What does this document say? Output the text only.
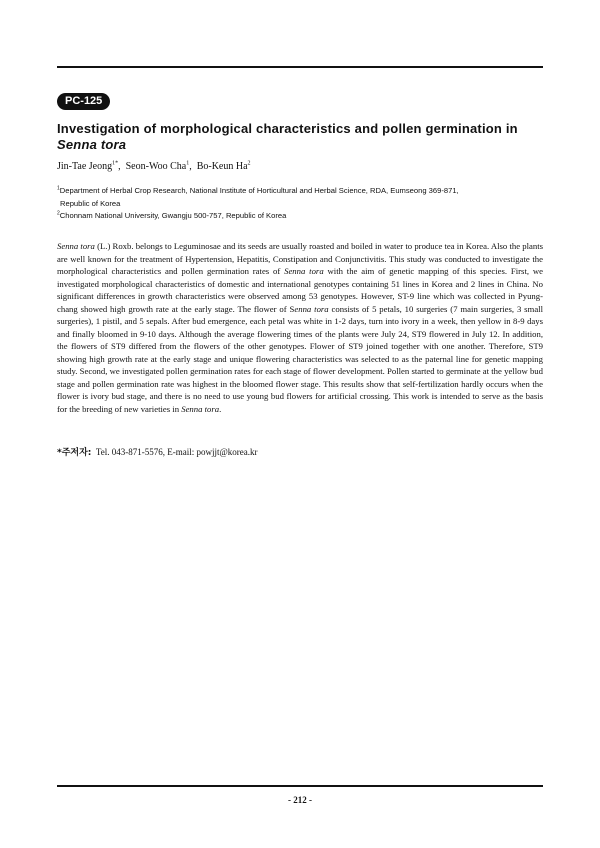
PC-125
Investigation of morphological characteristics and pollen germination in Senna tora
Jin-Tae Jeong$^{1*}$,  Seon-Woo Cha$^1$,  Bo-Keun Ha$^2$
$^1$Department of Herbal Crop Research, National Institute of Horticultural and Herbal Science, RDA, Eumseong 369-871,
Republic of Korea
$^2$Chonnam National University, Gwangju 500-757, Republic of Korea

Senna tora (L.) Roxb. belongs to Leguminosae and its seeds are usually roasted and boiled in water to produce tea in Korea. Also the plants are well known for the treatment of Hypertension, Hepatitis, Constipation and Conjunctivitis. This study was conducted to investigate the morphological characteristics and pollen germination rates of Senna tora with the aim of genetic mapping of this species. First, we investigated morphological characteristics of domestic and international genotypes containing 51 lines in Korea and 2 lines in China. No significant differences in growth characteristics were observed among 53 genotypes. However, ST-9 line which was collected in Pyung-chang showed high growth rate at the early stage. The flower of Senna tora consists of 5 petals, 10 surgeries (7 main surgeries, 3 small surgeries), 1 pistil, and 5 sepals. After bud emergence, each petal was white in 1-2 days, turn into ivory in a week, then yellow in 8-9 days and finally bloomed in 9-10 days. Although the average flowering times of the plants were July 24, ST9 flowered in July 12. In addition, the flowers of ST9 differed from the flowers of the other genotypes. Flower of ST9 joined together with one another. Therefore, ST9 showing high growth rate at the early stage and unique flowering characteristics was selected to as the paternal line for genetic mapping study. Second, we investigated pollen germination rates for each stage of flower development. Pollen started to germinate at the yellow bud stage and pollen germination rate was highest in the bloomed flower stage. This results show that self-fertilization hardly occurs when the flower is ivory bud stage, and there is no need to use young bud flowers for artificial crossing. This work is intended to serve as the basis for the breeding of new varieties in Senna tora.

*주저자: Tel. 043-871-5576, E-mail: powjjt@korea.kr
- 212 -
